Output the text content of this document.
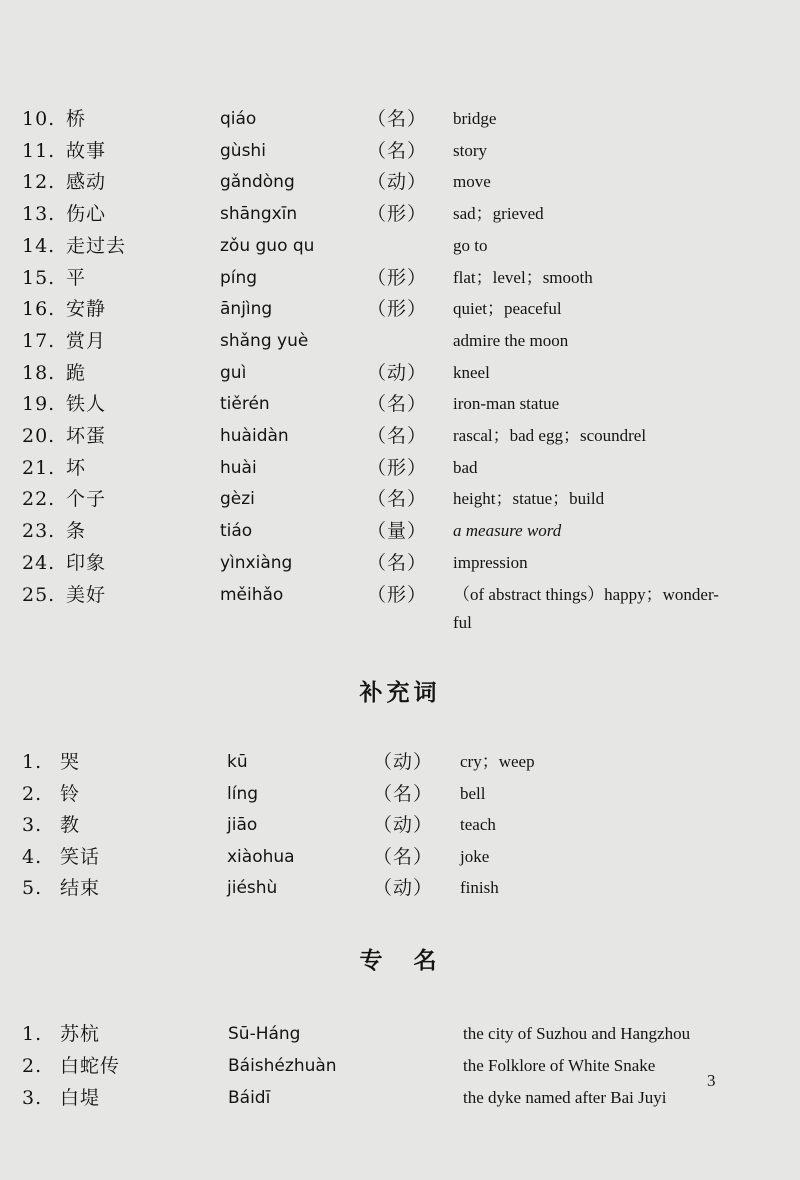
10. 桥	qiáo	（名） bridge
11. 故事	gùshi	（名） story
12. 感动	gǎndòng	（动） move
13. 伤心	shāngxīn	（形） sad；grieved
14. 走过去	zǒu guo qu	go to
15. 平	píng	（形） flat；level；smooth
16. 安静	ānjìng	（形） quiet；peaceful
17. 赏月	shǎng yuè	admire the moon
18. 跪	guì	（动） kneel
19. 铁人	tiěrén	（名） iron-man statue
20. 坏蛋	huàidàn	（名） rascal；bad egg；scoundrel
21. 坏	huài	（形） bad
22. 个子	gèzi	（名） height；statue；build
23. 条	tiáo	（量） a measure word
24. 印象	yìnxiàng	（名） impression
25. 美好	měihǎo	（形） （of abstract things）happy；wonder-
ful
补充词
1. 哭	kū	（动） cry；weep
2. 铃	líng	（名） bell
3. 教	jiāo	（动） teach
4. 笑话	xiàohua	（名） joke
5. 结束	jiéshù	（动） finish
专　名
1. 苏杭	Sū-Háng	the city of Suzhou and Hangzhou
2. 白蛇传	Báishézhuàn	the Folklore of White Snake
3. 白堤	Báidī	the dyke named after Bai Juyi
3
